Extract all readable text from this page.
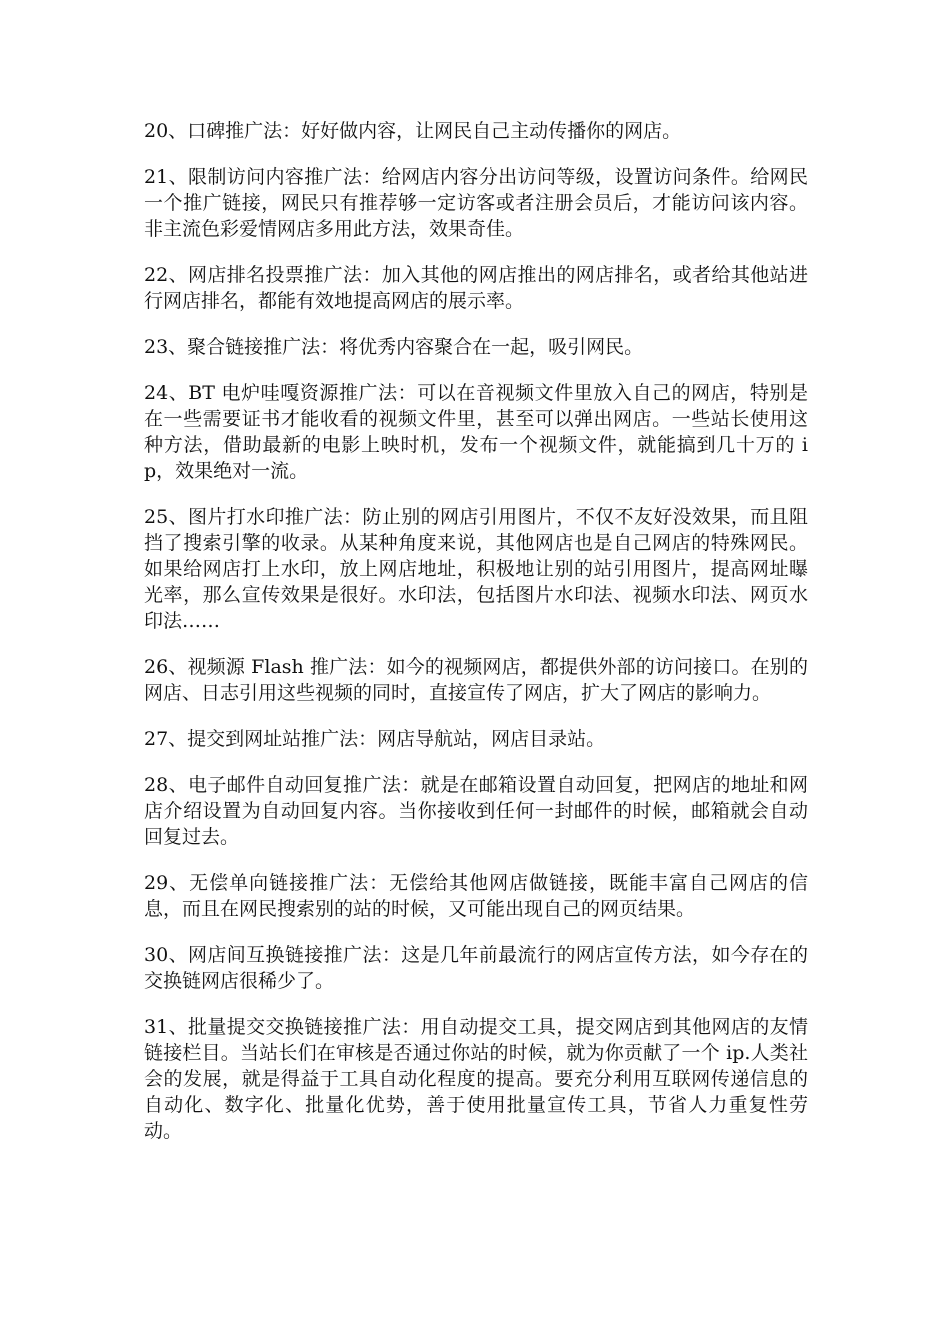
20、口碑推广法：好好做内容，让网民自己主动传播你的网店。

21、限制访问内容推广法：给网店内容分出访问等级，设置访问条件。给网民一个推广链接，网民只有推荐够一定访客或者注册会员后，才能访问该内容。非主流色彩爱情网店多用此方法，效果奇佳。

22、网店排名投票推广法：加入其他的网店推出的网店排名，或者给其他站进行网店排名，都能有效地提高网店的展示率。

23、聚合链接推广法：将优秀内容聚合在一起，吸引网民。

24、BT 电炉哇嘎资源推广法：可以在音视频文件里放入自己的网店，特别是在一些需要证书才能收看的视频文件里，甚至可以弹出网店。一些站长使用这种方法，借助最新的电影上映时机，发布一个视频文件，就能搞到几十万的 ip，效果绝对一流。

25、图片打水印推广法：防止别的网店引用图片，不仅不友好没效果，而且阻挡了搜索引擎的收录。从某种角度来说，其他网店也是自己网店的特殊网民。如果给网店打上水印，放上网店地址，积极地让别的站引用图片，提高网址曝光率，那么宣传效果是很好。水印法，包括图片水印法、视频水印法、网页水印法……

26、视频源 Flash 推广法：如今的视频网店，都提供外部的访问接口。在别的网店、日志引用这些视频的同时，直接宣传了网店，扩大了网店的影响力。

27、提交到网址站推广法：网店导航站，网店目录站。

28、电子邮件自动回复推广法：就是在邮箱设置自动回复，把网店的地址和网店介绍设置为自动回复内容。当你接收到任何一封邮件的时候，邮箱就会自动回复过去。

29、无偿单向链接推广法：无偿给其他网店做链接，既能丰富自己网店的信息，而且在网民搜索别的站的时候，又可能出现自己的网页结果。

30、网店间互换链接推广法：这是几年前最流行的网店宣传方法，如今存在的交换链网店很稀少了。

31、批量提交交换链接推广法：用自动提交工具，提交网店到其他网店的友情链接栏目。当站长们在审核是否通过你站的时候，就为你贡献了一个 ip.人类社会的发展，就是得益于工具自动化程度的提高。要充分利用互联网传递信息的自动化、数字化、批量化优势，善于使用批量宣传工具，节省人力重复性劳动。
